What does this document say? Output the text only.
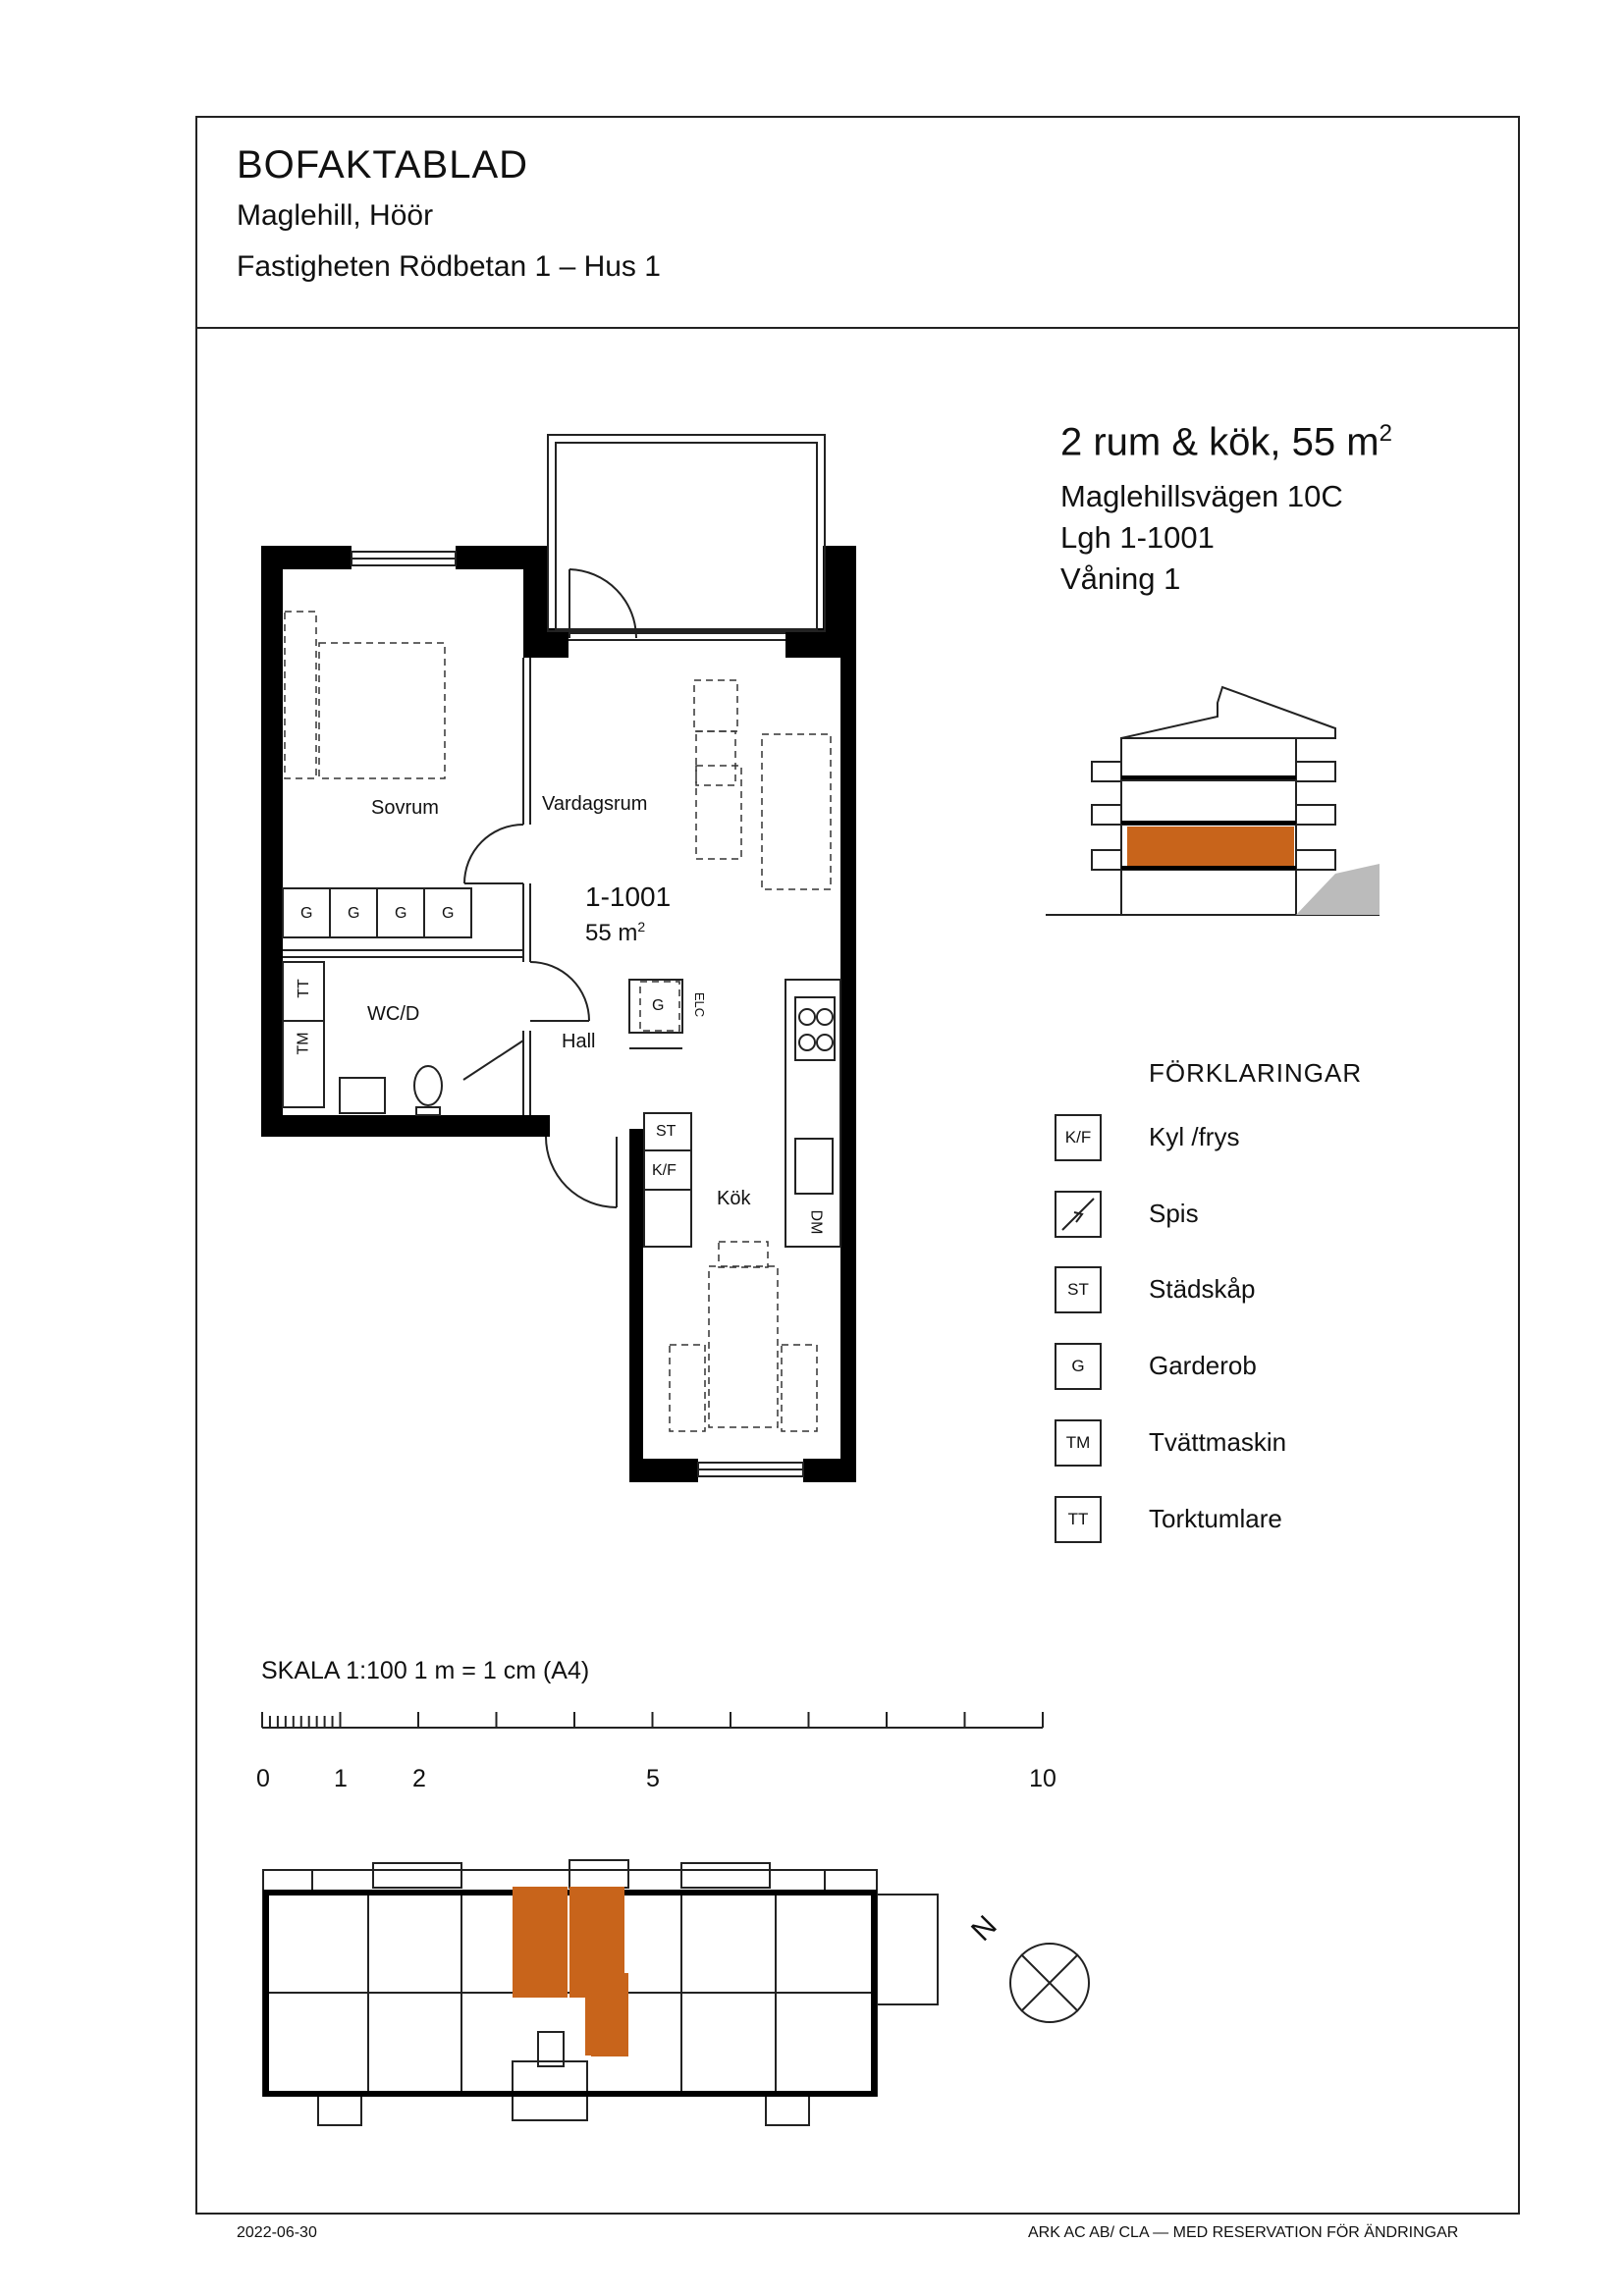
BOFAKTABLAD
Maglehill, Höör
Fastigheten Rödbetan 1 – Hus 1
2 rum & kök, 55 $m^2$
Maglehillsvägen 10C
Lgh 1-1001
Våning 1
Sovrum	Vardagsrum
1-1001
55 $m^2$
WC/D
Hall
Kök
G G G G
TT
TM
G ELC
ST
K/F
DM
FÖRKLARINGAR
K/F	Kyl /frys
Spis
ST	Städskåp
G	Garderob
TM	Tvättmaskin
TT	Torktumlare
SKALA 1:100 1 m = 1 cm (A4)
0	1	2	5	10
N
2022-06-30	ARK AC AB/ CLA — MED RESERVATION FÖR ÄNDRINGAR
